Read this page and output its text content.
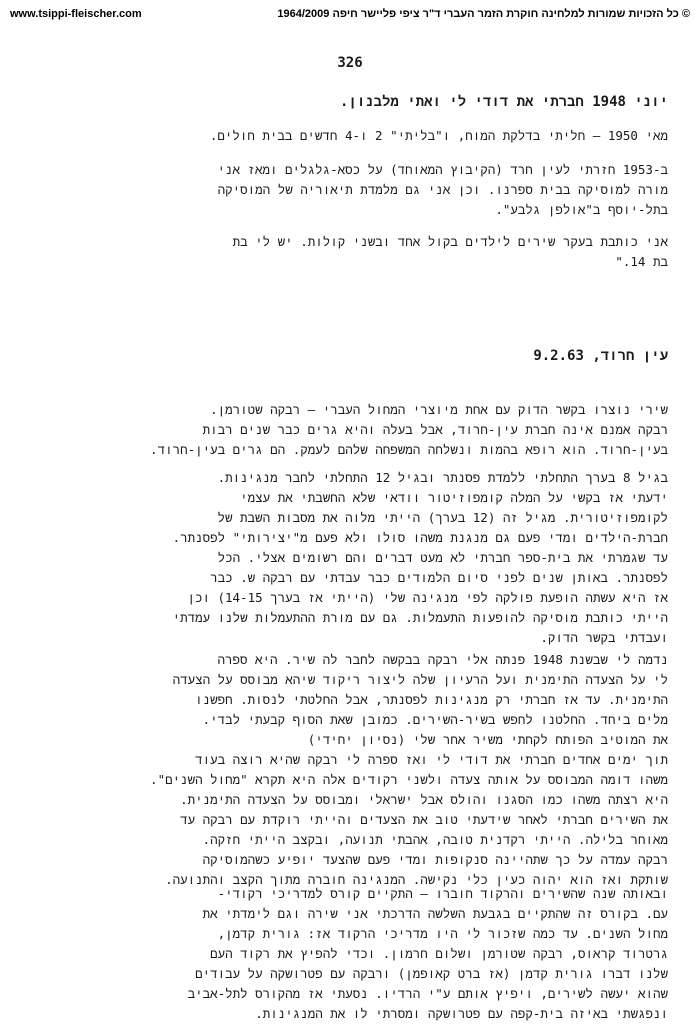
www.tsippi-fleischer.com	© כל הזכויות שמורות למלחינה חוקרת הזמר העברי ד"ר ציפי פליישר חיפה 1964/2009
326
יוני 1948 חברתי את דודי לי ואתי מלבנון.
מאי 1950 – חליתי בדלקת המוח, ו"בליתי" 2 ו-4 חדשים בבית חולים.
ב-1953 חזרתי לעין חרד (הקיבוץ המאוחד) על כסא-גלגלים ומאז אני
מורה למוסיקה בבית ספרנו. וכן אני גם מלמדת תיאוריה של המוסיקה
בתל-יוסף ב"אולפן גלבע".
אני כותבת בעקר שירים לילדים בקול אחד ובשני קולות. יש לי בת
בת 14."
עין חרוד, 9.2.63
שירי נוצרו בקשר הדוק עם אחת מיוצרי המחול העברי – רבקה שטורמן.
רבקה אמנם אינה חברת עין-חרוד, אבל בעלה והיא גרים כבר שנים רבות
בעין-חרוד. הוא רופא בהמות ונשלחה המשפחה שלהם לעמק. הם גרים בעין-חרוד.
בגיל 8 בערך התחלתי ללמדת פסנתר ובגיל 12 התחלתי לחבר מנגינות.
ידעתי אז בקשי על המלה קומפוזיטור וודאי שלא החשבתי את עצמי
לקומפוזיטורית. מגיל זה (12 בערך) הייתי מלוה את מסבות השבת של
חברת-הילדים ומדי פעם גם מנגנת משהו סולו ולא פעם מ"יצירותי" לפסנתר.
עד שגמרתי את בית-ספר חברתי לא מעט דברים והם רשומים אצלי. הכל
לפסנתר. באותן שנים לפני סיום הלמודים כבר עבדתי עם רבקה ש. כבר
אז היא עשתה הופעת פולקה לפי מנגינה שלי (הייתי אז בערך 14-15) וכן
הייתי כותבת מוסיקה להופעות התעמלות. גם עם מורת ההתעמלות שלנו עמדתי
ועבדתי בקשר הדוק.
נדמה לי שבשנת 1948 פנתה אלי רבקה בבקשה לחבר לה שיר. היא ספרה
לי על הצעדה התימנית ועל הרעיון שלה ליצור ריקוד שיהא מבוסס על הצעדה
התימנית. עד אז חברתי רק מנגינות לפסנתר, אבל החלטתי לנסות. חפשנו
מלים ביחד. החלטנו לחפש בשיר-השירים. כמובן שאת הסוף קבעתי לבדי.
את המוטיב הפותח לקחתי משיר אחר שלי (נסיון יחידי)
תוך ימים אחדים חברתי את דודי לי ואז ספרה לי רבקה שהיא רוצה בעוד
משהו דומה המבוסס על אותה צעדה ולשני רקודים אלה היא תקרא "מחול השנים".
היא רצתה משהו כמו הסגנו והולס אבל ישראלי ומבוסס על הצעדה התימנית.
את השירים חברתי לאחר שידעתי טוב את הצעדים והייתי רוקדת עם רבקה עד
מאוחר בלילה. הייתי רקדנית טובה, אהבתי תנועה, ובקצב הייתי חזקה.
רבקה עמדה על כך שתהיינה סנקופות ומדי פעם שהצעד יופיע כשהמוסיקה
שותקת ואז הוא יהוה כעין כלי נקישה. המנגינה חוברה מתוך הקצב והתנועה.
ובאותה שנה שהשירים והרקוד חוברו – התקיים קורס למדריכי רקודי-
עם. בקורס זה שהתקיים בגבעת השלשה הדרכתי אני שירה וגם לימדתי את
מחול השנים. עד כמה שזכור לי היו מדריכי הרקוד אז: גורית קדמן,
גרטרוד קראוס, רבקה שטורמן ושלום חרמון. וכדי להפיץ את רקוד העם
שלנו דברו גורית קדמן (אז ברט קאופמן) ורבקה עם פטרושקה על עבודים
שהוא יעשה לשירים, ויפיץ אותם ע"י הרדיו. נסעתי אז מהקורס לתל-אביב
ונפגשתי באיזה בית-קפה עם פטרושקה ומסרתי לו את המנגינות.
